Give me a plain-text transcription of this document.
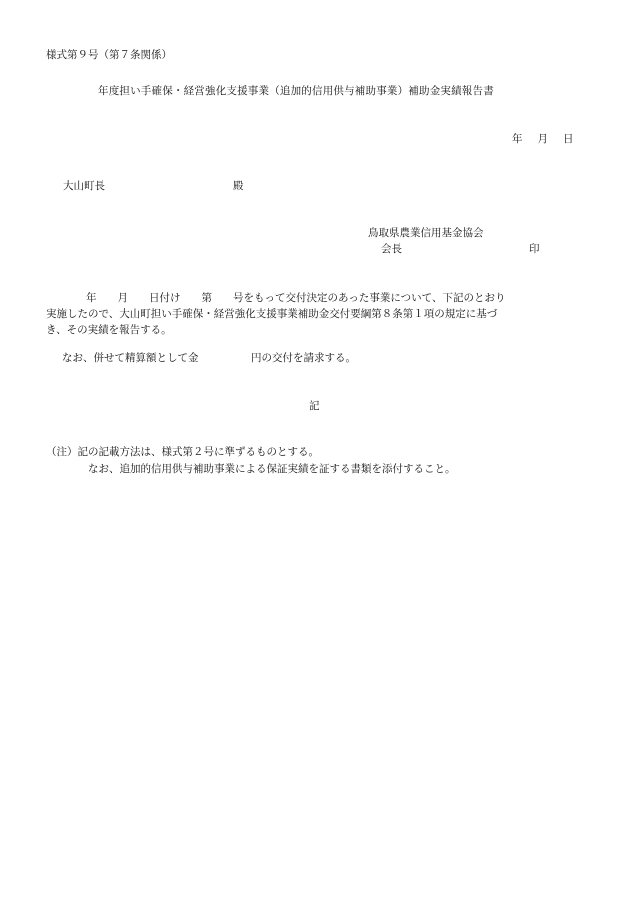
様式第９号（第７条関係）
年度担い手確保・経営強化支援事業（追加的信用供与補助事業）補助金実績報告書
年 月 日
大山町長	殿
鳥取県農業信用基金協会
会長	印
年　　月　　日付け　　第　　号をもって交付決定のあった事業について、下記のとおり
実施したので、大山町担い手確保・経営強化支援事業補助金交付要綱第８条第１項の規定に基づ
き、その実績を報告する。
なお、併せて精算額として金　　　　　円の交付を請求する。
記
（注）記の記載方法は、様式第２号に準ずるものとする。
なお、追加的信用供与補助事業による保証実績を証する書類を添付すること。
